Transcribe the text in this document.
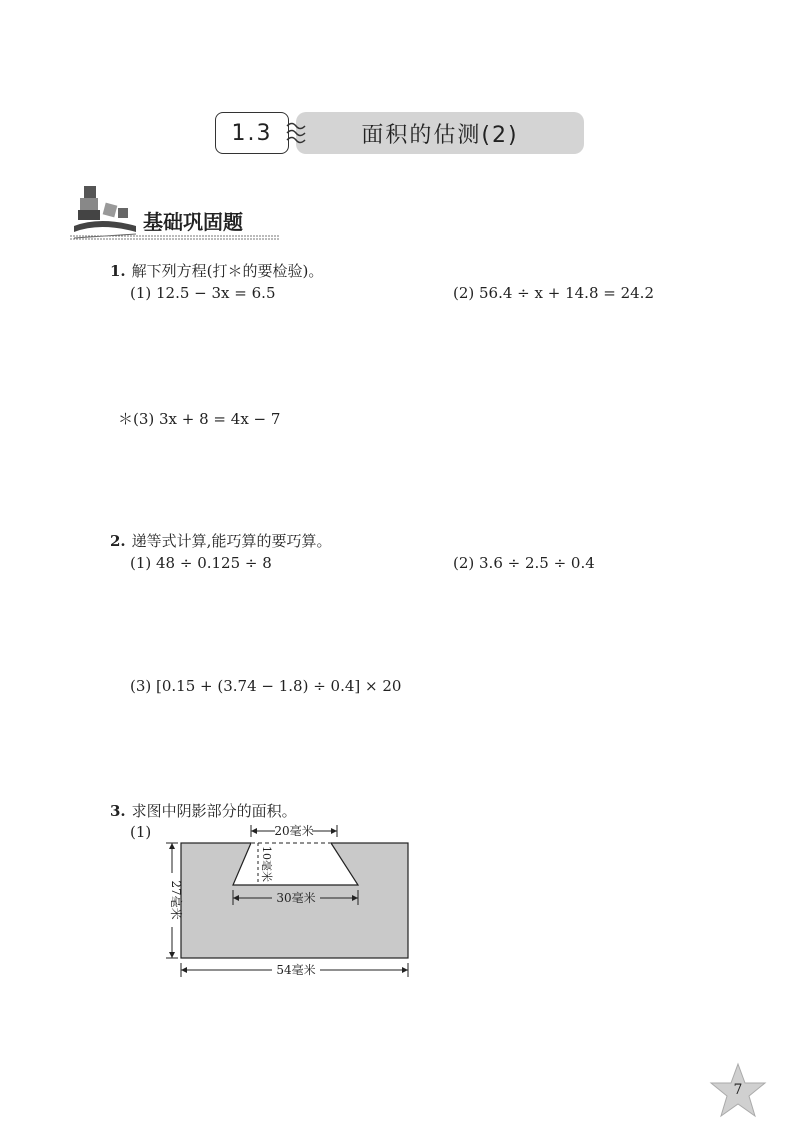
1.3	面积的估测(2)
基础巩固题
1. 解下列方程(打＊的要检验)。
(1) 12.5 − 3x = 6.5	(2) 56.4 ÷ x + 14.8 = 24.2
＊(3) 3x + 8 = 4x − 7
2. 递等式计算,能巧算的要巧算。
(1) 48 ÷ 0.125 ÷ 8	(2) 3.6 ÷ 2.5 ÷ 0.4
(3) [0.15 + (3.74 − 1.8) ÷ 0.4] × 20
3. 求图中阴影部分的面积。
(1)	20毫米
10毫米
30毫米
27毫米
54毫米
7
